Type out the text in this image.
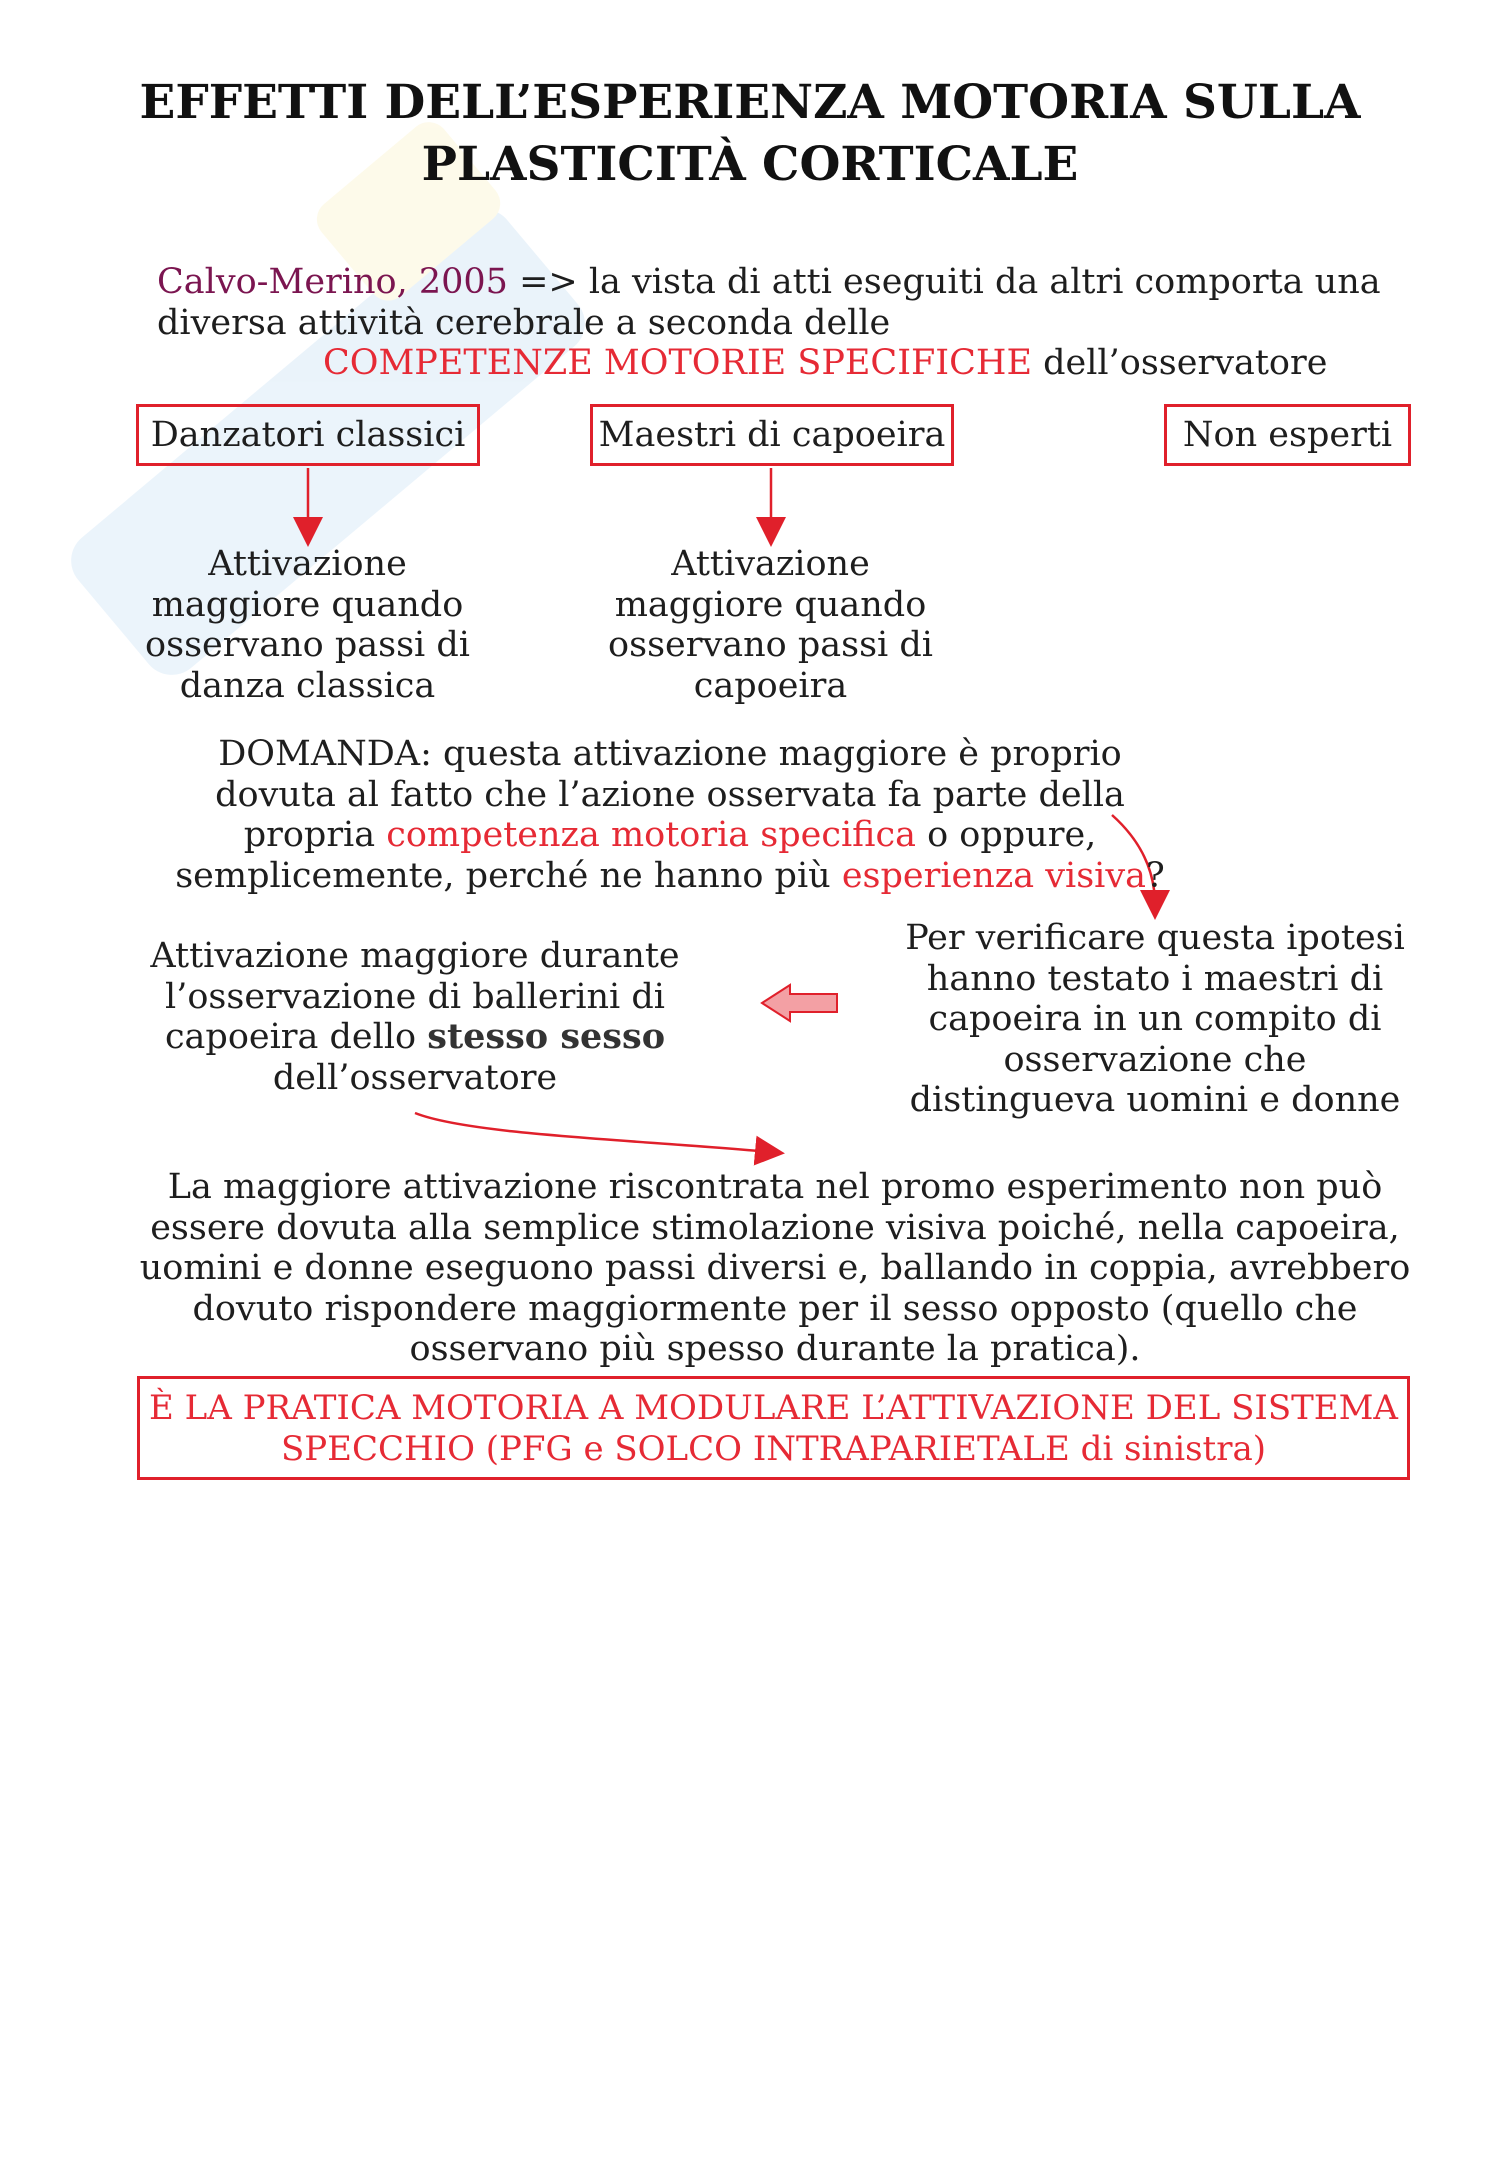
EFFETTI DELL’ESPERIENZA MOTORIA SULLA
PLASTICITÀ CORTICALE
Calvo-Merino, 2005 => la vista di atti eseguiti da altri comporta una
diversa attività cerebrale a seconda delle
COMPETENZE MOTORIE SPECIFICHE dell’osservatore
Danzatori classici	Maestri di capoeira	Non esperti
Attivazione
maggiore quando
osservano passi di
danza classica
Attivazione
maggiore quando
osservano passi di
capoeira
DOMANDA: questa attivazione maggiore è proprio
dovuta al fatto che l’azione osservata fa parte della
propria competenza motoria specifica o oppure,
semplicemente, perché ne hanno più esperienza visiva?
Attivazione maggiore durante
l’osservazione di ballerini di
capoeira dello stesso sesso
dell’osservatore
Per verificare questa ipotesi
hanno testato i maestri di
capoeira in un compito di
osservazione che
distingueva uomini e donne
La maggiore attivazione riscontrata nel promo esperimento non può
essere dovuta alla semplice stimolazione visiva poiché, nella capoeira,
uomini e donne eseguono passi diversi e, ballando in coppia, avrebbero
dovuto rispondere maggiormente per il sesso opposto (quello che
osservano più spesso durante la pratica).
È LA PRATICA MOTORIA A MODULARE L’ATTIVAZIONE DEL SISTEMA
SPECCHIO (PFG e SOLCO INTRAPARIETALE di sinistra)
